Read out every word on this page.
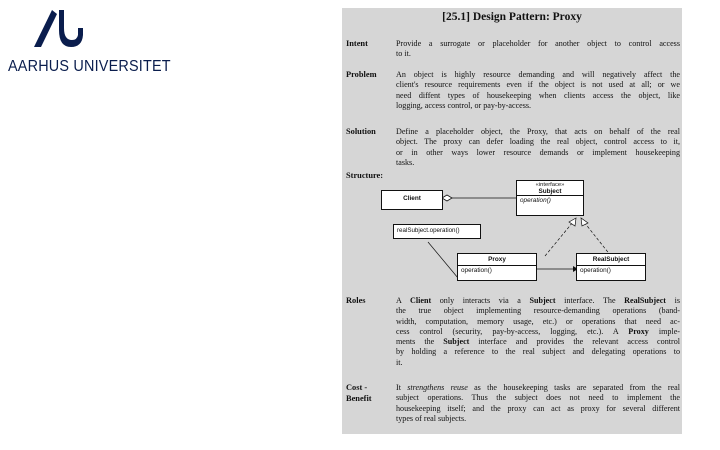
AARHUS UNIVERSITET
[25.1] Design Pattern: Proxy
Intent	Provide a surrogate or placeholder for another object to control access
to it.
Problem An object is highly resource demanding and will negatively affect the
client's resource requirements even if the object is not used at all; or we
need diffent types of housekeeping when clients access the object, like
logging, access control, or pay-by-access.
Solution Define a placeholder object, the Proxy, that acts on behalf of the real
object. The proxy can defer loading the real object, control access to it,
or in other ways lower resource demands or implement housekeeping
tasks.
Structure:
Client
«interface»
Subject
operation()
realSubject.operation()
Proxy
operation()
RealSubject
operation()
Roles	A Client only interacts via a Subject interface. The RealSubject is
the true object implementing resource-demanding operations (band-
width, computation, memory usage, etc.) or operations that need ac-
cess control (security, pay-by-access, logging, etc.). A Proxy imple-
ments the Subject interface and provides the relevant access control
by holding a reference to the real subject and delegating operations to
it.
Cost -
Benefit
It strengthens reuse as the housekeeping tasks are separated from the real
subject operations. Thus the subject does not need to implement the
housekeeping itself; and the proxy can act as proxy for several different
types of real subjects.
